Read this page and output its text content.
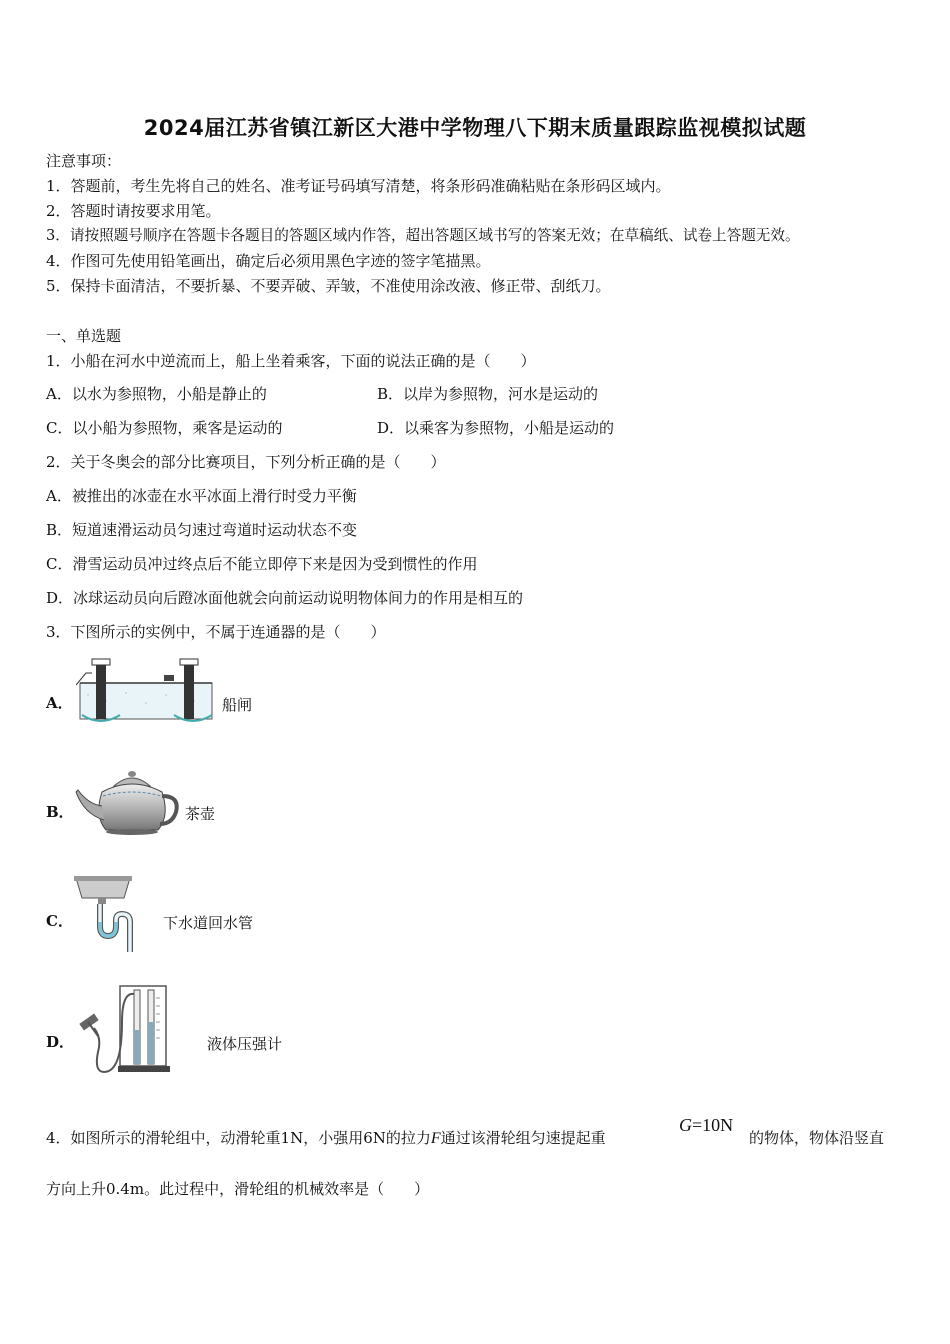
2024届江苏省镇江新区大港中学物理八下期末质量跟踪监视模拟试题
注意事项：
1．答题前，考生先将自己的姓名、准考证号码填写清楚，将条形码准确粘贴在条形码区域内。
2．答题时请按要求用笔。
3．请按照题号顺序在答题卡各题目的答题区域内作答，超出答题区域书写的答案无效；在草稿纸、试卷上答题无效。
4．作图可先使用铅笔画出，确定后必须用黑色字迹的签字笔描黑。
5．保持卡面清洁，不要折暴、不要弄破、弄皱，不准使用涂改液、修正带、刮纸刀。
一、单选题
1．小船在河水中逆流而上，船上坐着乘客，下面的说法正确的是（　　）
A．以水为参照物，小船是静止的	B．以岸为参照物，河水是运动的
C．以小船为参照物，乘客是运动的	D．以乘客为参照物，小船是运动的
2．关于冬奥会的部分比赛项目，下列分析正确的是（　　）
A．被推出的冰壶在水平冰面上滑行时受力平衡
B．短道速滑运动员匀速过弯道时运动状态不变
C．滑雪运动员冲过终点后不能立即停下来是因为受到惯性的作用
D．冰球运动员向后蹬冰面他就会向前运动说明物体间力的作用是相互的
3．下图所示的实例中，不属于连通器的是（　　）
A．	船闸
B．	茶壶
C．	下水道回水管
D．	液体压强计
4．如图所示的滑轮组中，动滑轮重1N，小强用6N的拉力F通过该滑轮组匀速提起重
G=10N
的物体，物体沿竖直
方向上升0.4m。此过程中，滑轮组的机械效率是（　　）
